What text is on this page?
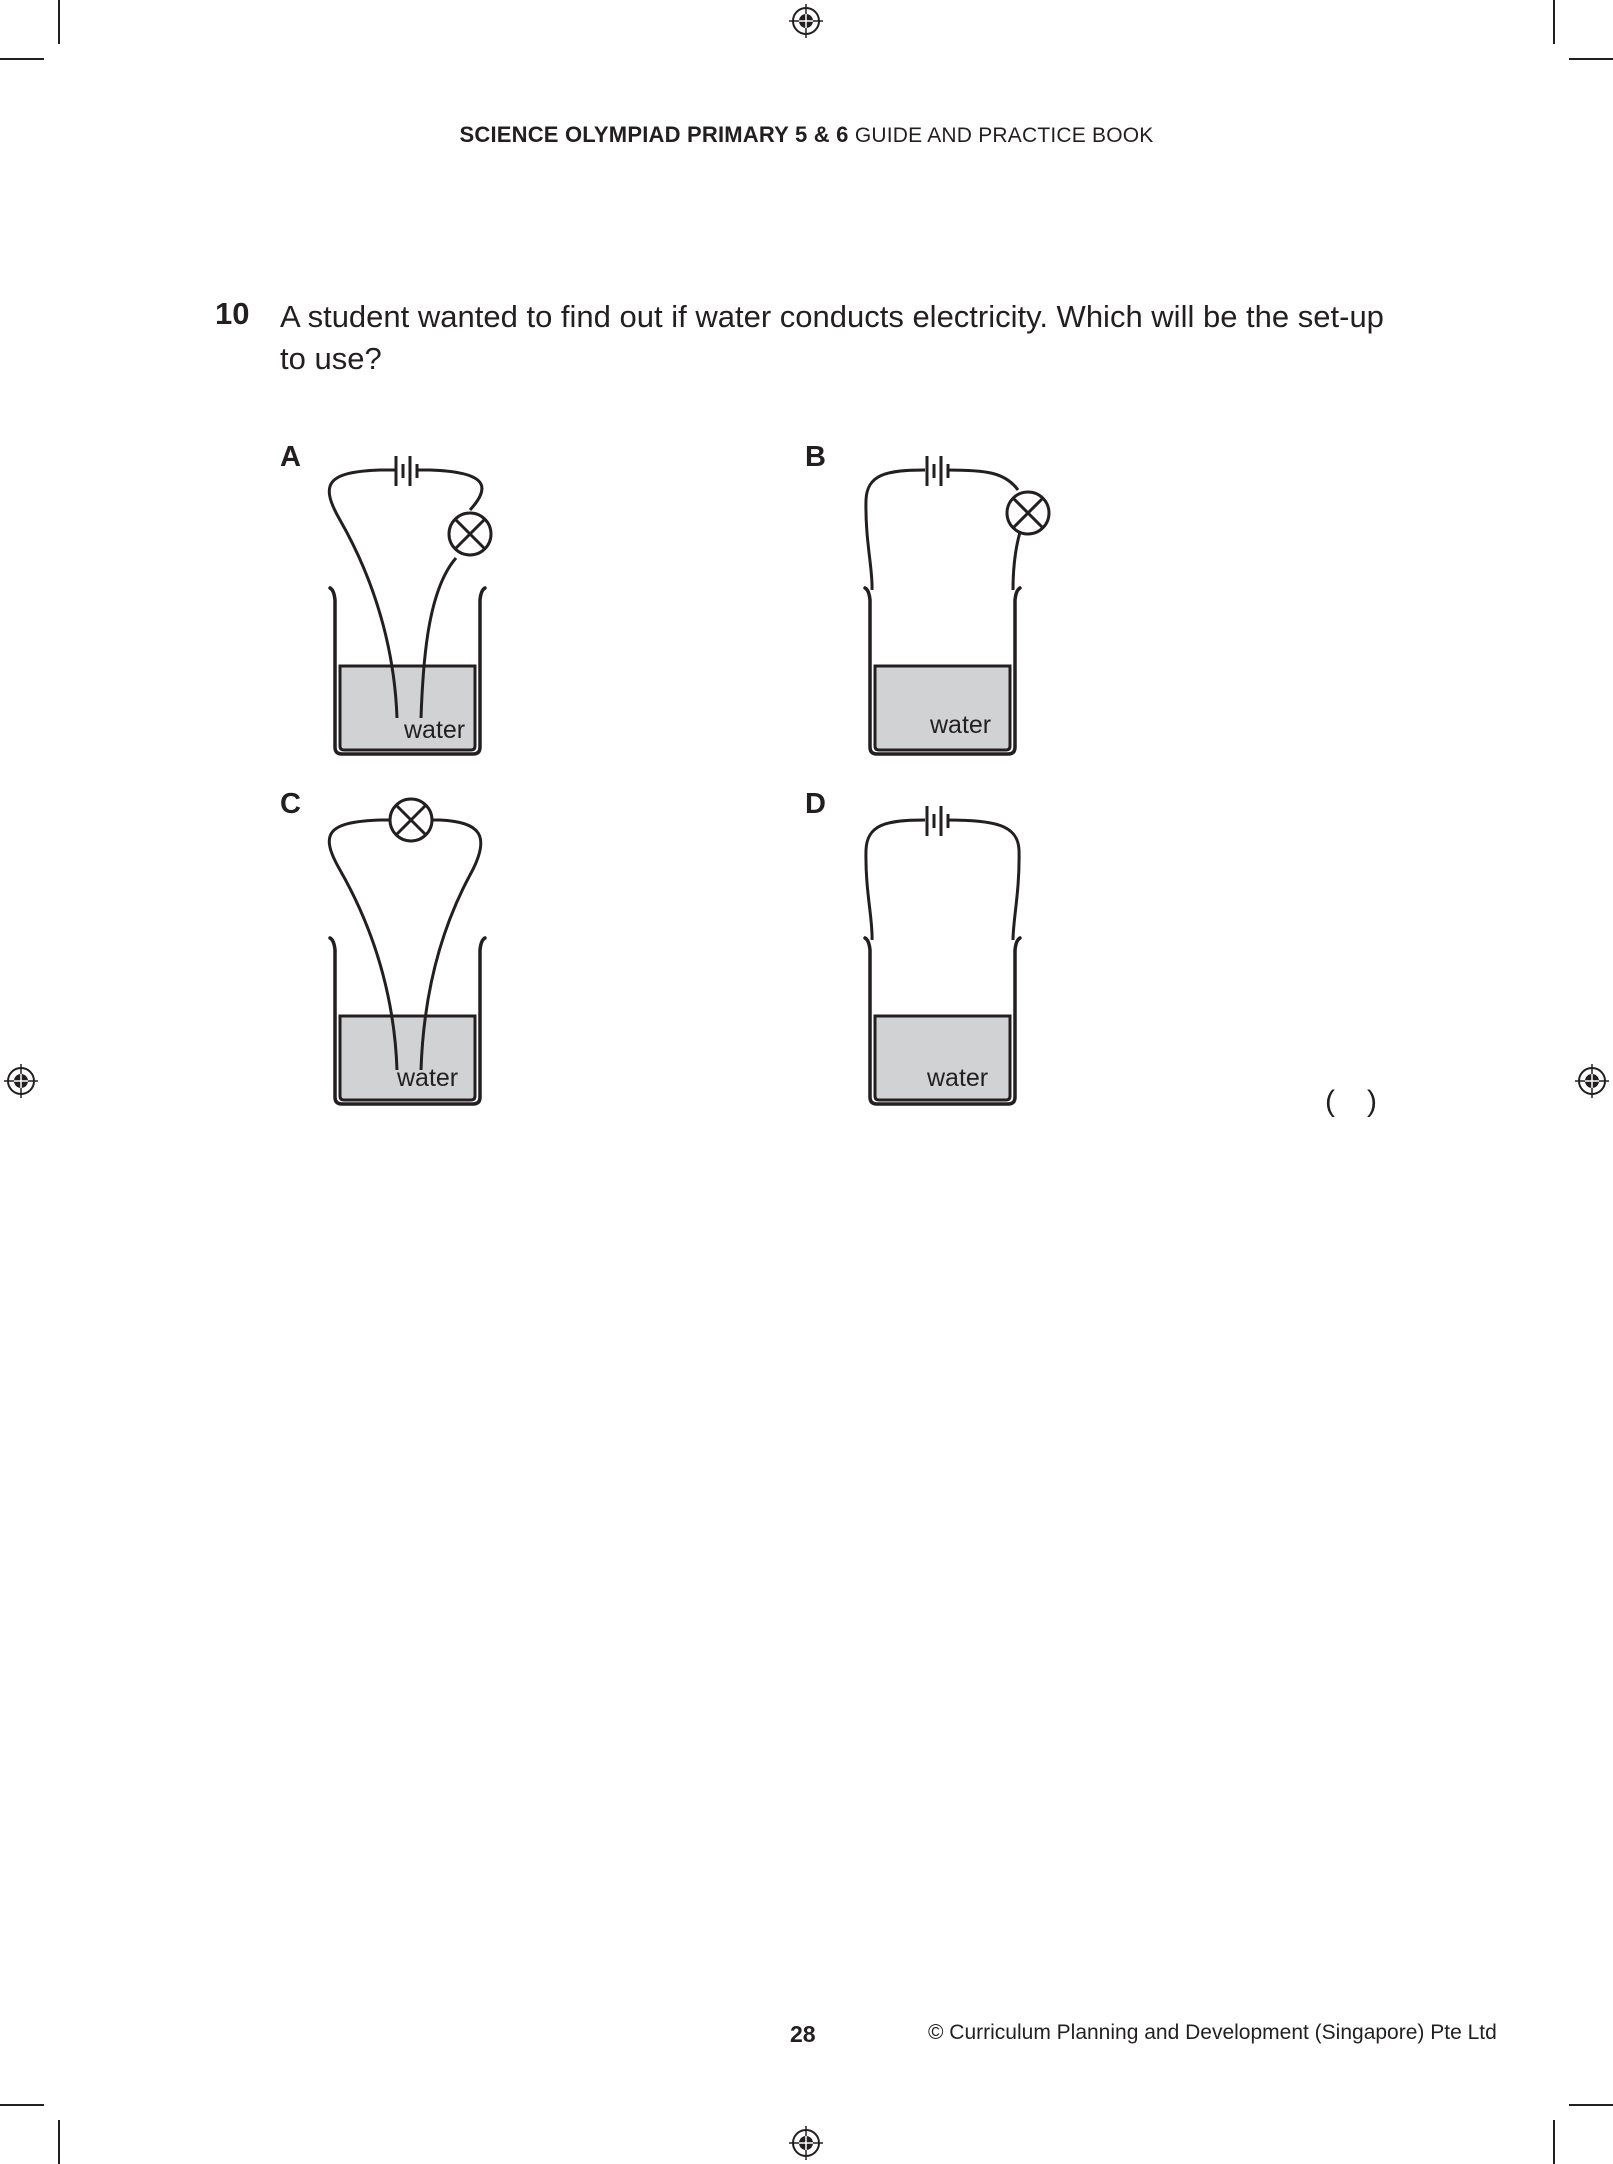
SCIENCE OLYMPIAD PRIMARY 5 & 6 GUIDE AND PRACTICE BOOK
10 A student wanted to find out if water conducts electricity. Which will be the set-up to use?
A
water
B
water
C
water
D
water
( )
28	© Curriculum Planning and Development (Singapore) Pte Ltd
